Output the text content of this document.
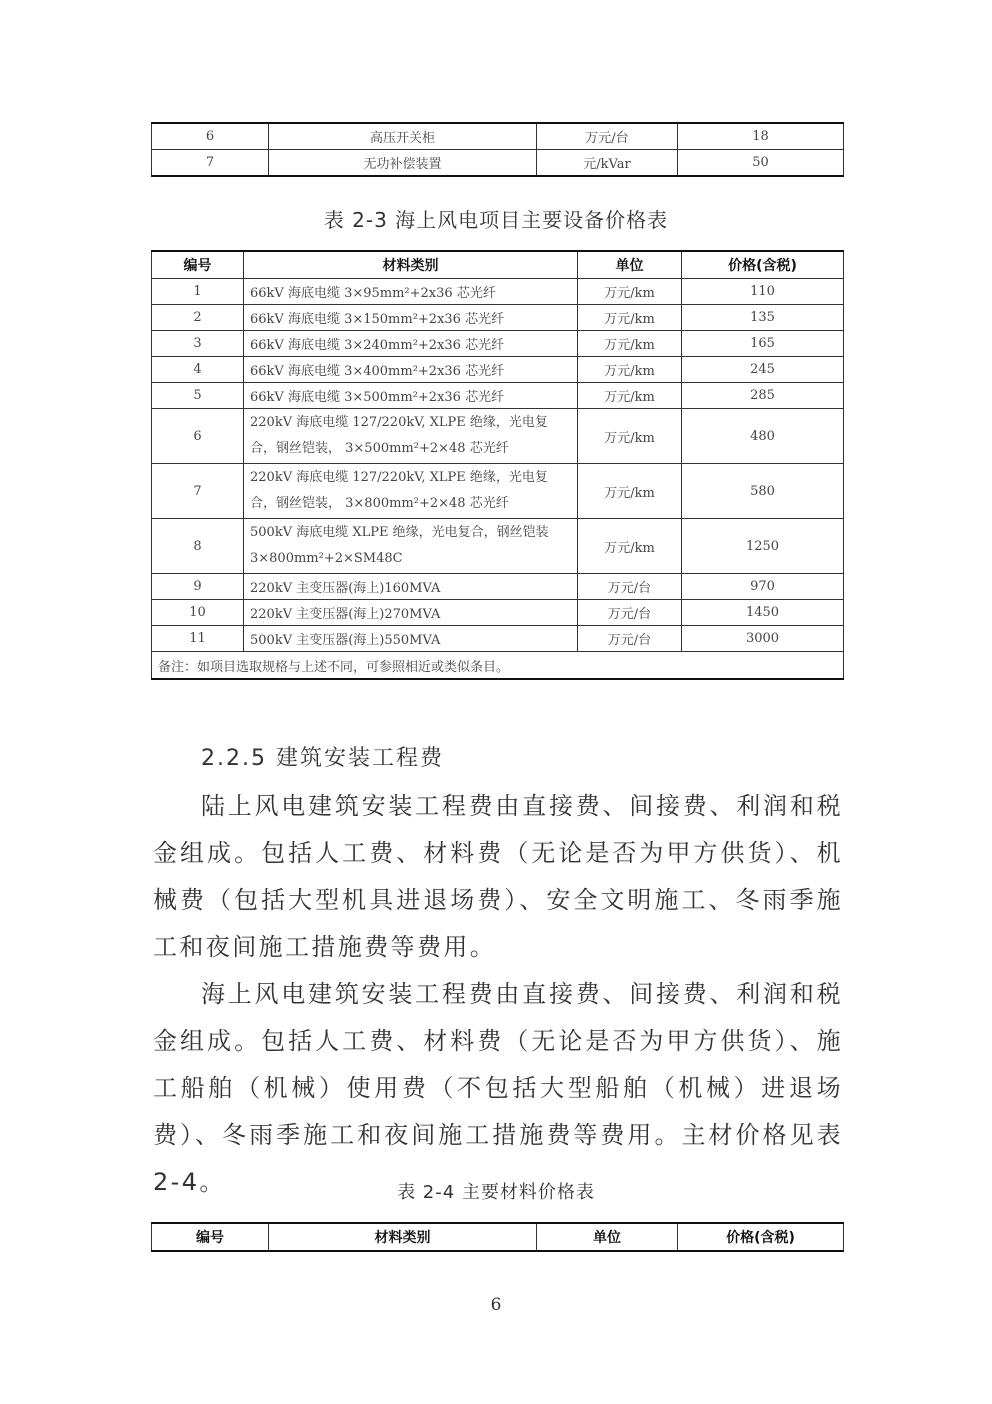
6	高压开关柜	万元/台	18
7	无功补偿装置	元/kVar	50
表 2-3 海上风电项目主要设备价格表
编号	材料类别	单位	价格(含税)
1	66kV 海底电缆 3×95mm²+2x36 芯光纤	万元/km	110
2	66kV 海底电缆 3×150mm²+2x36 芯光纤	万元/km	135
3	66kV 海底电缆 3×240mm²+2x36 芯光纤	万元/km	165
4	66kV 海底电缆 3×400mm²+2x36 芯光纤	万元/km	245
5	66kV 海底电缆 3×500mm²+2x36 芯光纤	万元/km	285
6	220kV 海底电缆 127/220kV, XLPE 绝缘，光电复合，钢丝铠装， 3×500mm²+2×48 芯光纤	万元/km	480
7	220kV 海底电缆 127/220kV, XLPE 绝缘，光电复合，钢丝铠装， 3×800mm²+2×48 芯光纤	万元/km	580
8	500kV 海底电缆 XLPE 绝缘，光电复合，钢丝铠装 3×800mm²+2×SM48C	万元/km	1250
9	220kV 主变压器(海上)160MVA	万元/台	970
10	220kV 主变压器(海上)270MVA	万元/台	1450
11	500kV 主变压器(海上)550MVA	万元/台	3000
备注：如项目选取规格与上述不同，可参照相近或类似条目。			
2.2.5 建筑安装工程费
陆上风电建筑安装工程费由直接费、间接费、利润和税金组成。包括人工费、材料费（无论是否为甲方供货）、机械费（包括大型机具进退场费）、安全文明施工、冬雨季施工和夜间施工措施费等费用。
海上风电建筑安装工程费由直接费、间接费、利润和税金组成。包括人工费、材料费（无论是否为甲方供货）、施工船舶（机械）使用费（不包括大型船舶（机械）进退场费）、冬雨季施工和夜间施工措施费等费用。主材价格见表 2-4。	表 2-4 主要材料价格表
编号	材料类别	单位	价格(含税)
6
